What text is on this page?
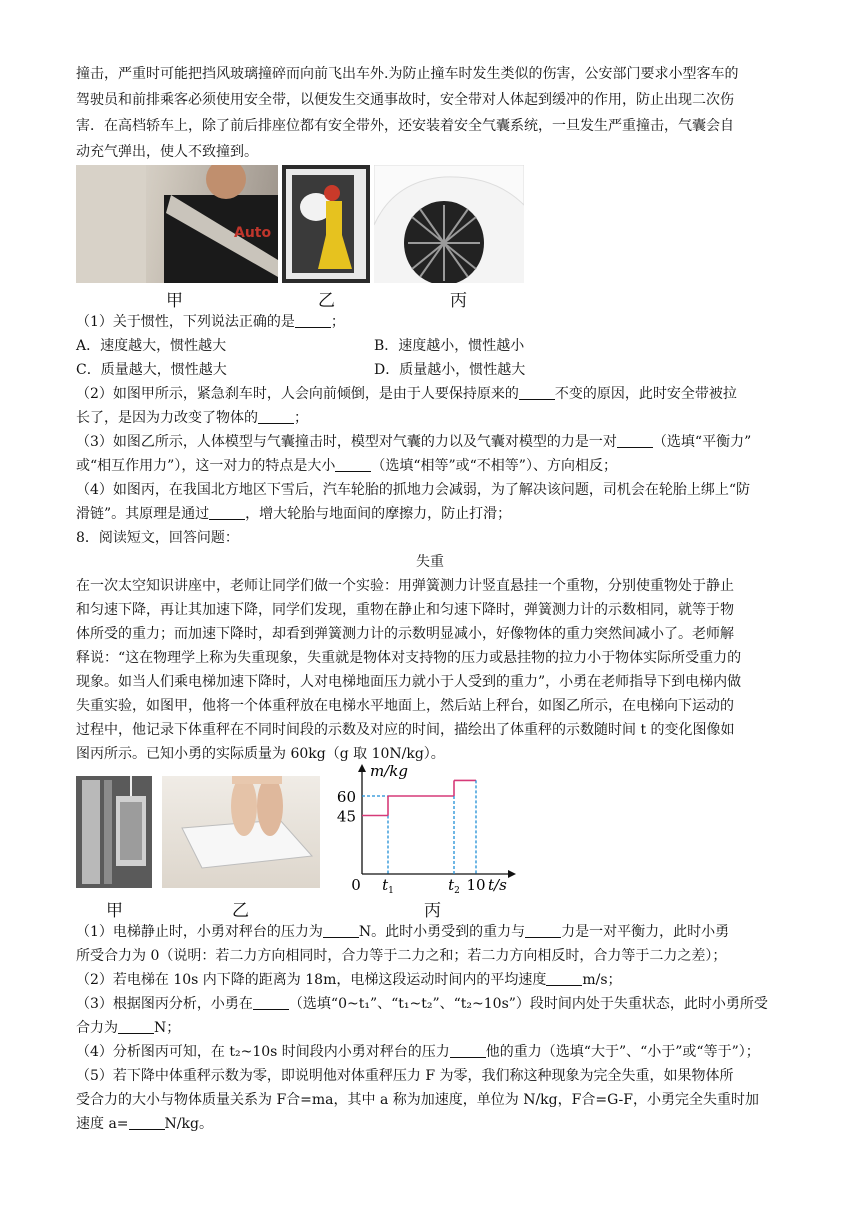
撞击，严重时可能把挡风玻璃撞碎而向前飞出车外.为防止撞车时发生类似的伤害，公安部门要求小型客车的

驾驶员和前排乘客必须使用安全带，以便发生交通事故时，安全带对人体起到缓冲的作用，防止出现二次伤

害．在高档轿车上，除了前后排座位都有安全带外，还安装着安全气囊系统，一旦发生严重撞击，气囊会自

动充气弹出，使人不致撞到。

Auto
甲	乙	丙

（1）关于惯性，下列说法正确的是	；

A．速度越大，惯性越大	B．速度越小，惯性越小
C．质量越大，惯性越大	D．质量越小，惯性越大

（2）如图甲所示，紧急刹车时，人会向前倾倒，是由于人要保持原来的	不变的原因，此时安全带被拉

长了，是因为力改变了物体的	；

（3）如图乙所示，人体模型与气囊撞击时，模型对气囊的力以及气囊对模型的力是一对	（选填“平衡力”

或“相互作用力”），这一对力的特点是大小	（选填“相等”或“不相等”）、方向相反；

（4）如图丙，在我国北方地区下雪后，汽车轮胎的抓地力会减弱，为了解决该问题，司机会在轮胎上绑上“防

滑链”。其原理是通过	，增大轮胎与地面间的摩擦力，防止打滑；

8．阅读短文，回答问题：

失重

在一次太空知识讲座中，老师让同学们做一个实验：用弹簧测力计竖直悬挂一个重物，分别使重物处于静止

和匀速下降，再让其加速下降，同学们发现，重物在静止和匀速下降时，弹簧测力计的示数相同，就等于物

体所受的重力；而加速下降时，却看到弹簧测力计的示数明显减小，好像物体的重力突然间减小了。老师解

释说：“这在物理学上称为失重现象，失重就是物体对支持物的压力或悬挂物的拉力小于物体实际所受重力的

现象。如当人们乘电梯加速下降时，人对电梯地面压力就小于人受到的重力”，小勇在老师指导下到电梯内做

失重实验，如图甲，他将一个体重秤放在电梯水平地面上，然后站上秤台，如图乙所示，在电梯向下运动的

过程中，他记录下体重秤在不同时间段的示数及对应的时间，描绘出了体重秤的示数随时间 t 的变化图像如

图丙所示。已知小勇的实际质量为 60kg（g 取 10N/kg）。

m/kg
t/s
45
60
0 $t_1$	$t_2$ 10
甲	乙	丙

（1）电梯静止时，小勇对秤台的压力为	N。此时小勇受到的重力与	力是一对平衡力，此时小勇

所受合力为 0（说明：若二力方向相同时，合力等于二力之和；若二力方向相反时，合力等于二力之差）；

（2）若电梯在 10s 内下降的距离为 18m，电梯这段运动时间内的平均速度	m/s；

（3）根据图丙分析，小勇在	（选填“0~t₁”、“t₁~t₂”、“t₂~10s”）段时间内处于失重状态，此时小勇所受

合力为	N；

（4）分析图丙可知，在 t₂~10s 时间段内小勇对秤台的压力	他的重力（选填“大于”、“小于”或“等于”）；

（5）若下降中体重秤示数为零，即说明他对体重秤压力 F 为零，我们称这种现象为完全失重，如果物体所

受合力的大小与物体质量关系为 F合=ma，其中 a 称为加速度，单位为 N/kg，F合=G-F，小勇完全失重时加

速度 a=	N/kg。
